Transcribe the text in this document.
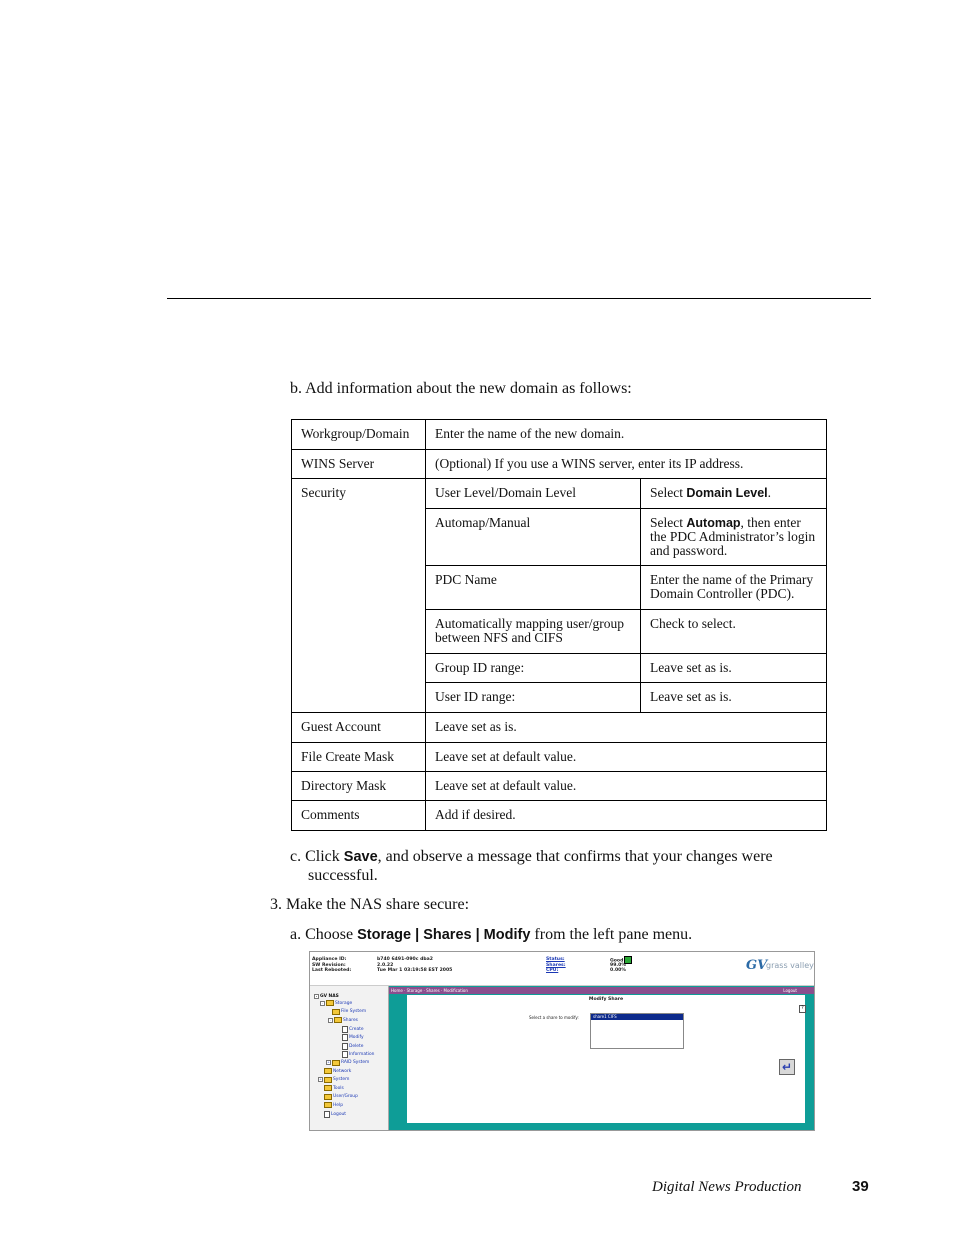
b. Add information about the new domain as follows:
Workgroup/Domain	Enter the name of the new domain.	
WINS Server	(Optional) If you use a WINS server, enter its IP address.	
Security	User Level/Domain Level	Select Domain Level.
	Automap/Manual	Select Automap, then enter the PDC Administrator’s login and password.
	PDC Name	Enter the name of the Primary Domain Controller (PDC).
	Automatically mapping user/group between NFS and CIFS	Check to select.
	Group ID range:	Leave set as is.
	User ID range:	Leave set as is.
Guest Account	Leave set as is.	
File Create Mask	Leave set at default value.	
Directory Mask	Leave set at default value.	
Comments	Add if desired.	
c. Click Save, and observe a message that confirms that your changes were
successful.
3. Make the NAS share secure:
a. Choose Storage | Shares | Modify from the left pane menu.
Appliance ID:
SW Revision:
Last Rebooted:
b740 6491-090c dba2
2.0.22
Tue Mar 1 03:19:58 EST 2005
Status:
Shares:
CPU:
Good
99.0%
0.00%	GV
grass valley
- GV NAS
-	Storage
File System
-	Shares
Create
Modify
Delete
Information
+	RAID System
Network
+	System
Tools
User/Group
Help
Logout
Home · Storage · Shares · Modification	Logout
Modify Share
Select a share to modify:	share1 CIFS
?
↵
Digital News Production	39
